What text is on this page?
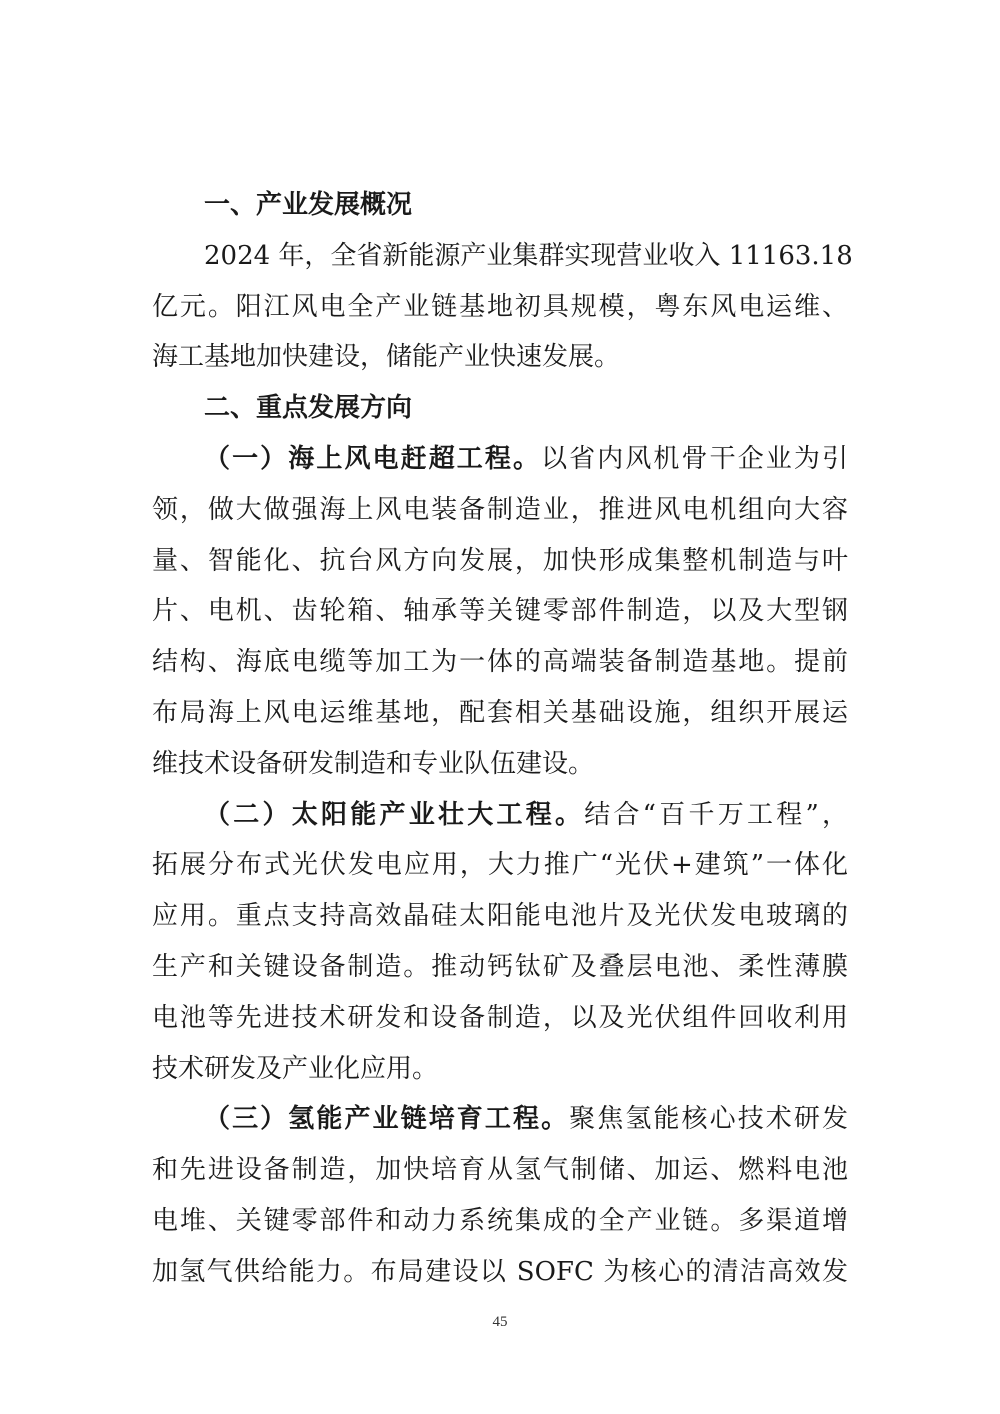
一、产业发展概况
2024 年，全省新能源产业集群实现营业收入 11163.18
亿元。阳江风电全产业链基地初具规模，粤东风电运维、
海工基地加快建设，储能产业快速发展。
二、重点发展方向
（一）海上风电赶超工程。以省内风机骨干企业为引
领，做大做强海上风电装备制造业，推进风电机组向大容
量、智能化、抗台风方向发展，加快形成集整机制造与叶
片、电机、齿轮箱、轴承等关键零部件制造，以及大型钢
结构、海底电缆等加工为一体的高端装备制造基地。提前
布局海上风电运维基地，配套相关基础设施，组织开展运
维技术设备研发制造和专业队伍建设。
（二）太阳能产业壮大工程。结合“百千万工程”，
拓展分布式光伏发电应用，大力推广“光伏+建筑”一体化
应用。重点支持高效晶硅太阳能电池片及光伏发电玻璃的
生产和关键设备制造。推动钙钛矿及叠层电池、柔性薄膜
电池等先进技术研发和设备制造，以及光伏组件回收利用
技术研发及产业化应用。
（三）氢能产业链培育工程。聚焦氢能核心技术研发
和先进设备制造，加快培育从氢气制储、加运、燃料电池
电堆、关键零部件和动力系统集成的全产业链。多渠道增
加氢气供给能力。布局建设以 SOFC 为核心的清洁高效发
45
